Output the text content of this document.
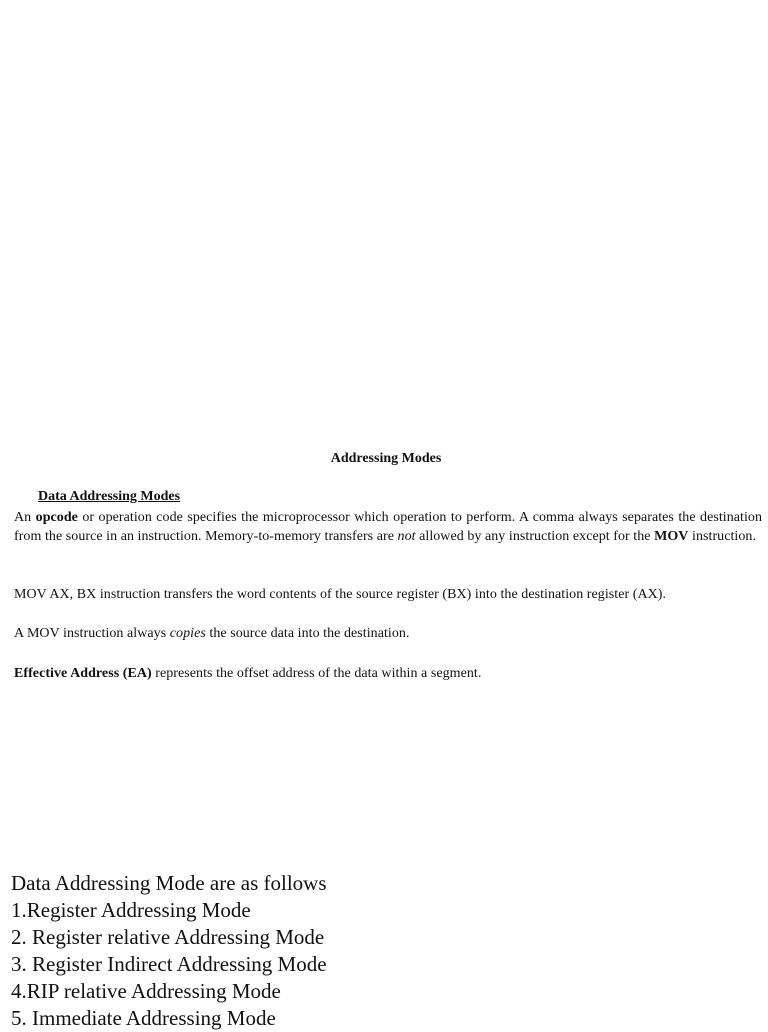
Addressing Modes
Data Addressing Modes

An opcode or operation code specifies the microprocessor which operation to perform. A comma always separates the destination from the source in an instruction. Memory-to-memory transfers are not allowed by any instruction except for the MOV instruction.

MOV AX, BX instruction transfers the word contents of the source register (BX) into the destination register (AX).

A MOV instruction always copies the source data into the destination.

Effective Address (EA) represents the offset address of the data within a segment.

Data Addressing Mode are as follows
1.Register Addressing Mode
2. Register relative Addressing Mode
3. Register Indirect Addressing Mode
4.RIP relative Addressing Mode
5. Immediate Addressing Mode
